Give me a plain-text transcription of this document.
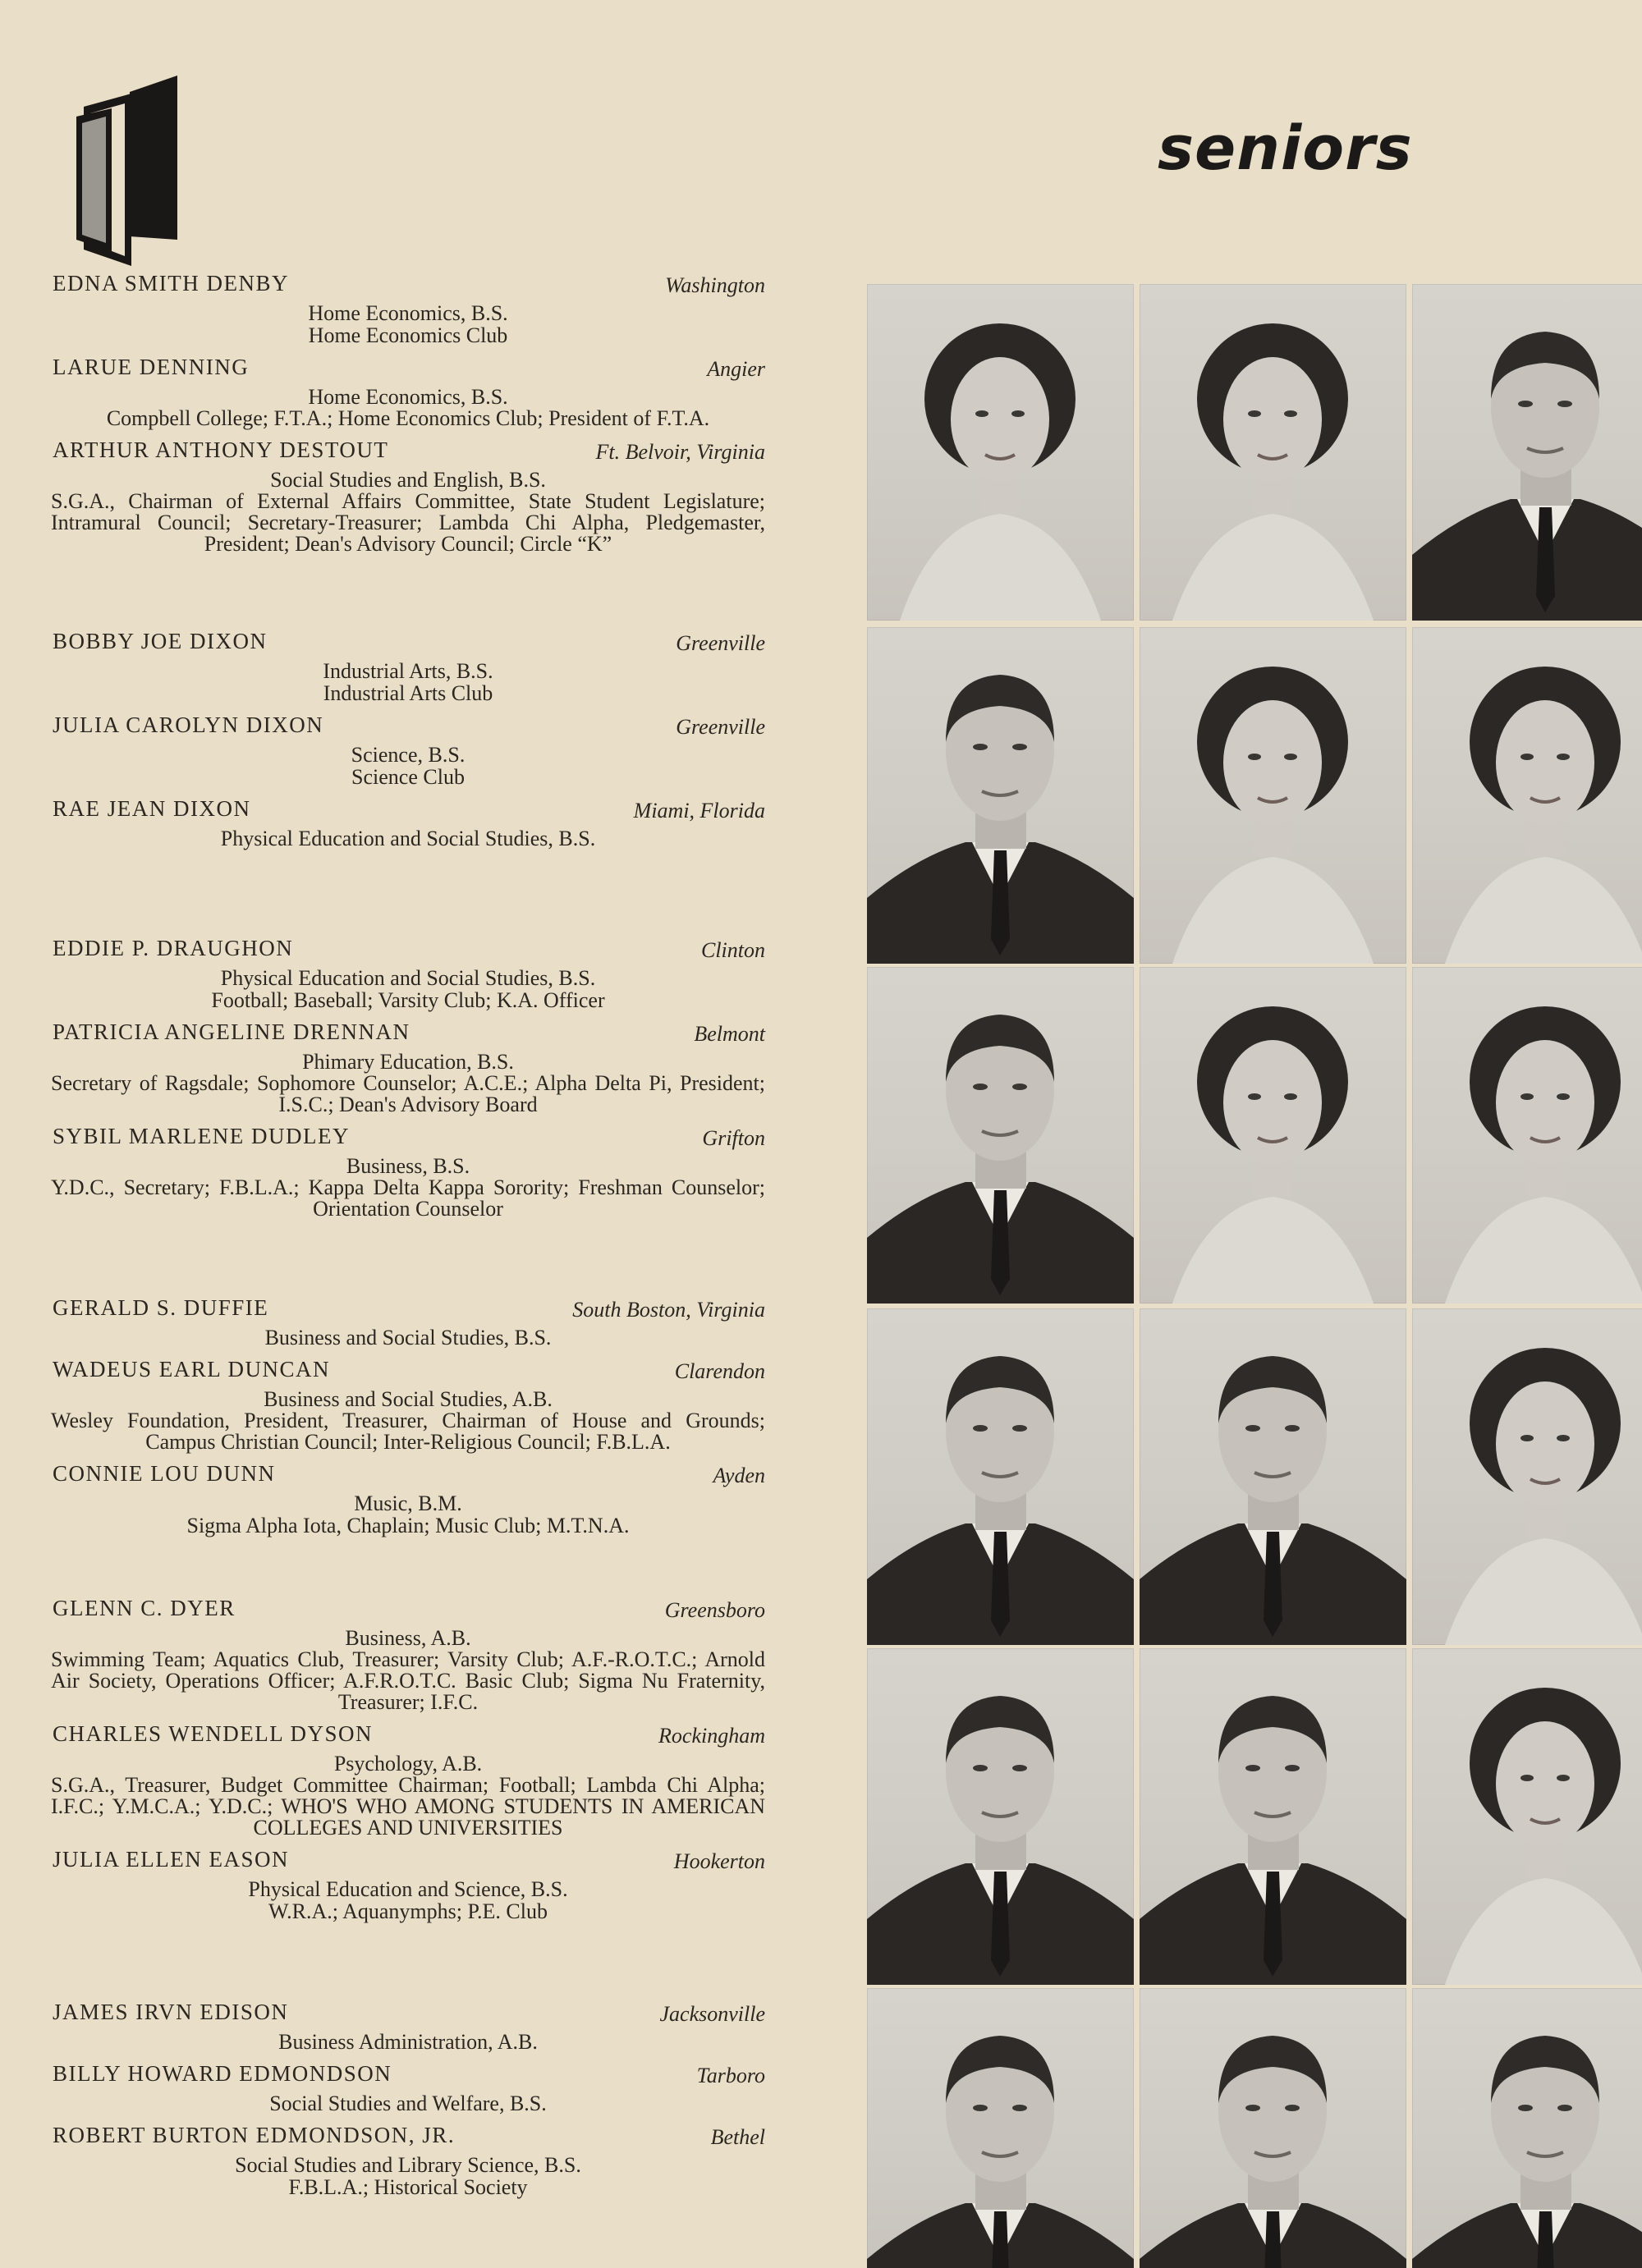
seniors
EDNA SMITH DENBY	Washington
Home Economics, B.S.
Home Economics Club
LARUE DENNING	Angier
Home Economics, B.S.
Compbell College; F.T.A.; Home Economics Club; President of F.T.A.
ARTHUR ANTHONY DESTOUT	Ft. Belvoir, Virginia
Social Studies and English, B.S.
S.G.A., Chairman of External Affairs Committee, State Student Legislature; Intramural Council; Secretary-Treasurer; Lambda Chi Alpha, Pledgemaster, President; Dean's Advisory Council; Circle “K”
BOBBY JOE DIXON	Greenville
Industrial Arts, B.S.
Industrial Arts Club
JULIA CAROLYN DIXON	Greenville
Science, B.S.
Science Club
RAE JEAN DIXON	Miami, Florida
Physical Education and Social Studies, B.S.
EDDIE P. DRAUGHON	Clinton
Physical Education and Social Studies, B.S.
Football; Baseball; Varsity Club; K.A. Officer
PATRICIA ANGELINE DRENNAN	Belmont
Phimary Education, B.S.
Secretary of Ragsdale; Sophomore Counselor; A.C.E.; Alpha Delta Pi, President; I.S.C.; Dean's Advisory Board
SYBIL MARLENE DUDLEY	Grifton
Business, B.S.
Y.D.C., Secretary; F.B.L.A.; Kappa Delta Kappa Sorority; Freshman Counselor; Orientation Counselor
GERALD S. DUFFIE	South Boston, Virginia
Business and Social Studies, B.S.
WADEUS EARL DUNCAN	Clarendon
Business and Social Studies, A.B.
Wesley Foundation, President, Treasurer, Chairman of House and Grounds; Campus Christian Council; Inter-Religious Council; F.B.L.A.
CONNIE LOU DUNN	Ayden
Music, B.M.
Sigma Alpha Iota, Chaplain; Music Club; M.T.N.A.
GLENN C. DYER	Greensboro
Business, A.B.
Swimming Team; Aquatics Club, Treasurer; Varsity Club; A.F.-R.O.T.C.; Arnold Air Society, Operations Officer; A.F.R.O.T.C. Basic Club; Sigma Nu Fraternity, Treasurer; I.F.C.
CHARLES WENDELL DYSON	Rockingham
Psychology, A.B.
S.G.A., Treasurer, Budget Committee Chairman; Football; Lambda Chi Alpha; I.F.C.; Y.M.C.A.; Y.D.C.; WHO'S WHO AMONG STUDENTS IN AMERICAN COLLEGES AND UNIVERSITIES
JULIA ELLEN EASON	Hookerton
Physical Education and Science, B.S.
W.R.A.; Aquanymphs; P.E. Club
JAMES IRVN EDISON	Jacksonville
Business Administration, A.B.
BILLY HOWARD EDMONDSON	Tarboro
Social Studies and Welfare, B.S.
ROBERT BURTON EDMONDSON, JR.	Bethel
Social Studies and Library Science, B.S.
F.B.L.A.; Historical Society
